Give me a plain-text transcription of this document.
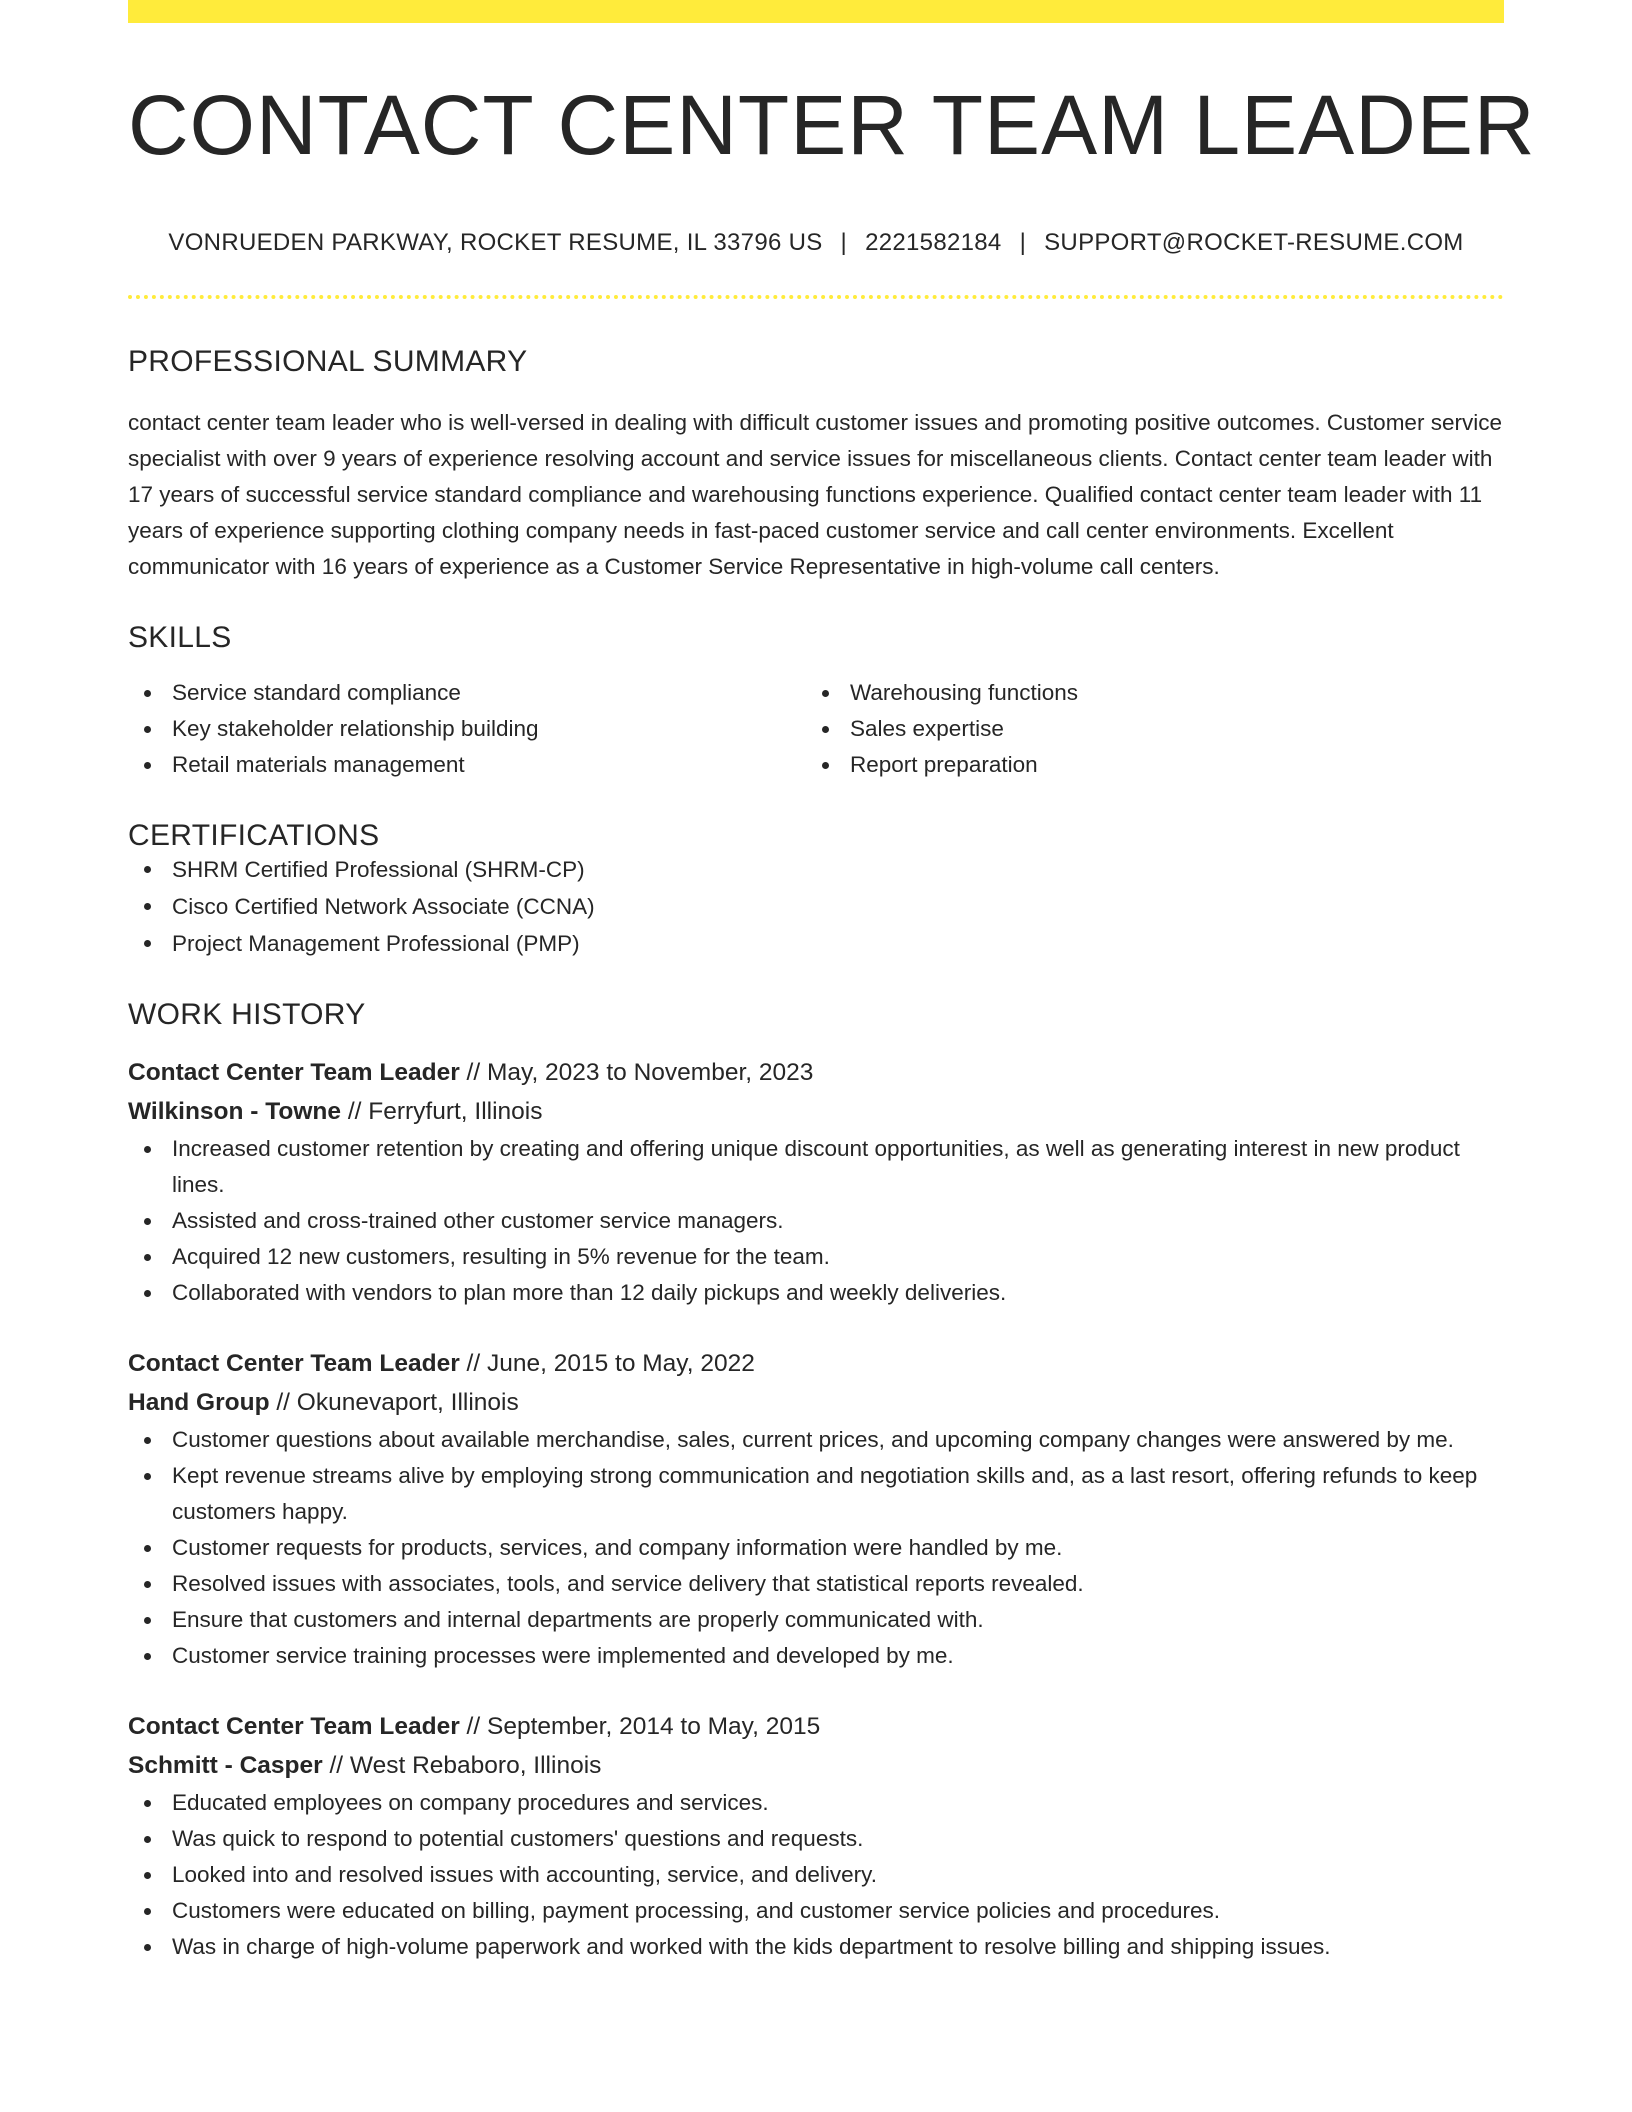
CONTACT CENTER TEAM LEADER
VONRUEDEN PARKWAY, ROCKET RESUME, IL 33796 US | 2221582184 | SUPPORT@ROCKET-RESUME.COM
PROFESSIONAL SUMMARY

contact center team leader who is well-versed in dealing with difficult customer issues and promoting positive outcomes. Customer service specialist with over 9 years of experience resolving account and service issues for miscellaneous clients. Contact center team leader with 17 years of successful service standard compliance and warehousing functions experience. Qualified contact center team leader with 11 years of experience supporting clothing company needs in fast-paced customer service and call center environments. Excellent communicator with 16 years of experience as a Customer Service Representative in high-volume call centers.

SKILLS
Service standard compliance
Key stakeholder relationship building
Retail materials management
Warehousing functions
Sales expertise
Report preparation
CERTIFICATIONS
SHRM Certified Professional (SHRM-CP)
Cisco Certified Network Associate (CCNA)
Project Management Professional (PMP)
WORK HISTORY
Contact Center Team Leader // May, 2023 to November, 2023
Wilkinson - Towne // Ferryfurt, Illinois
Increased customer retention by creating and offering unique discount opportunities, as well as generating interest in new product lines.
Assisted and cross-trained other customer service managers.
Acquired 12 new customers, resulting in 5% revenue for the team.
Collaborated with vendors to plan more than 12 daily pickups and weekly deliveries.
Contact Center Team Leader // June, 2015 to May, 2022
Hand Group // Okunevaport, Illinois
Customer questions about available merchandise, sales, current prices, and upcoming company changes were answered by me.
Kept revenue streams alive by employing strong communication and negotiation skills and, as a last resort, offering refunds to keep customers happy.
Customer requests for products, services, and company information were handled by me.
Resolved issues with associates, tools, and service delivery that statistical reports revealed.
Ensure that customers and internal departments are properly communicated with.
Customer service training processes were implemented and developed by me.
Contact Center Team Leader // September, 2014 to May, 2015
Schmitt - Casper // West Rebaboro, Illinois
Educated employees on company procedures and services.
Was quick to respond to potential customers' questions and requests.
Looked into and resolved issues with accounting, service, and delivery.
Customers were educated on billing, payment processing, and customer service policies and procedures.
Was in charge of high-volume paperwork and worked with the kids department to resolve billing and shipping issues.
